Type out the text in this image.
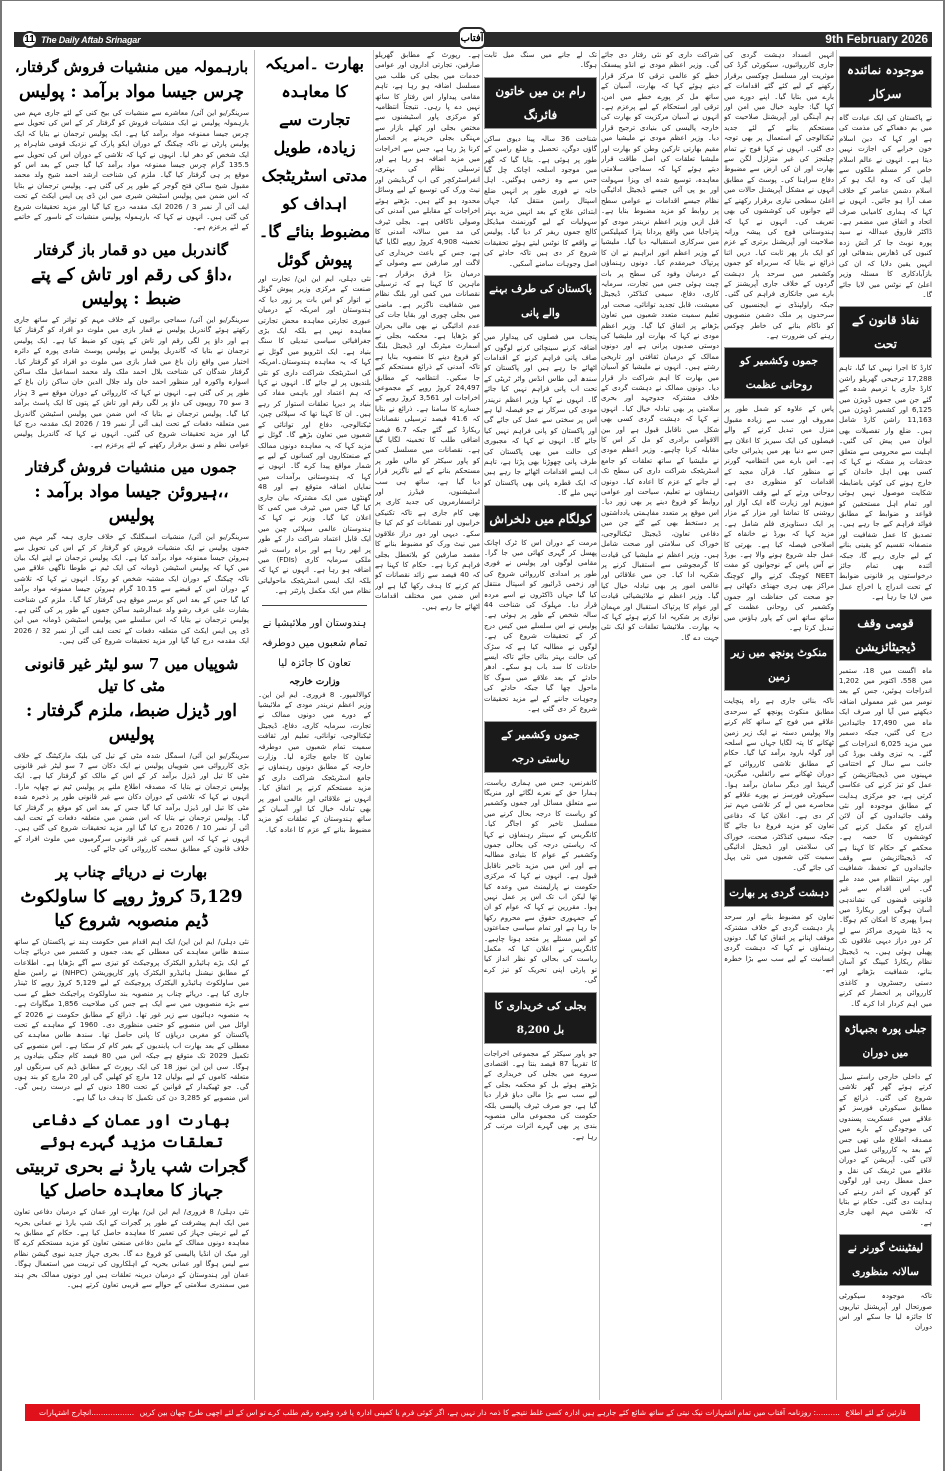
11 The Daily Aftab Srinagar	آفتاب	9th February 2026
موجودہ نمائندہ سرکار

نے پاکستان کی ایک عبادت گاہ میں بم دھماکے کی مذمت کی ہے اور کہا کہ دین اسلام خون خرابے کی اجازت نہیں دیتا ہے۔ انہوں نے عالم اسلام خاص کر مسلم ملکوں سے اپیل کی کہ وہ ایک ہو کر اسلام دشمن عناصر کے خلاف صف آرا ہو جائیں۔ انہوں نے کہا کہ ہماری کامیابی صرف اتحاد و اتفاق میں مضمر ہے۔ ڈاکٹر فاروق عبداللہ نے سید پورہ نوبٹ جا کر آتش زدہ کنبوں کی ڈھارس بندھائی اور انہیں یقین دلایا کہ ان کی بازآبادکاری کا مسئلہ وزیر اعلیٰ کے نوٹس میں لایا جائے گا۔

نفاذ قانون کے تحت

کارڈ کا اجرا نہیں کیا گیا، تاہم 17,288 ترجیحی گھریلو راشن کارڈ جاری یا ترمیم شدہ کیے گئے جن میں جموں ڈویژن میں 6,125 اور کشمیر ڈویژن میں 11,163 راشن کارڈ شامل ہیں۔ ضلع وار تفصیلات بھی ایوان میں پیش کی گئیں۔ اہلیت سے محرومی سے متعلق خدشات پر مشکہ نے کہا کہ کسی بھی اہل خاندان کے خارج ہونے کی کوئی باضابطہ شکایت موصول نہیں ہوئی اور تمام اہل مستحقین کو قواعد و ضوابط کے مطابق فوائد فراہم کیے جا رہے ہیں۔ تصدیق کا عمل شفافیت اور منصفانہ تقسیم کو یقینی بنانے کے لیے جاری رہے گا، جبکہ آئندہ بھی تمام جائز درخواستوں پر قانونی ضوابط کے تحت اندراج یا اخراج عمل میں لایا جا رہا ہے۔

قومی وقف ڈیجیٹائزیشن

ماہ اگست میں 18، ستمبر میں 558، اکتوبر میں 1,202 اندراجات ہوئیں، جس کے بعد نومبر میں غیر معمولی اضافہ دیکھنے میں آیا اور صرف ایک ماہ میں 17,490 جائیدادیں درج کی گئیں، جبکہ دسمبر میں مزید 6,025 اندراجات کیے گئے۔ یہ تیزی وقف بورڈ کی جانب سے سال کے اختتامی مہینوں میں ڈیجیٹائزیشن کے عمل کو تیز کرنے کی عکاسی کرتی ہے، جو مرکزی ہدایت کے مطابق موجودہ اور نئی وقف جائیدادوں کے آن لائن اندراج کو مکمل کرنے کی کوششوں کا حصہ ہے۔ محکمے کے حکام کا کہنا ہے کہ ڈیجیٹائزیشن سے وقف جائیدادوں کے تحفظ، شفافیت اور بہتر انتظام میں مدد ملے گی۔ اس اقدام سے غیر قانونی قبضوں کی نشاندہی آسان ہوگی اور ریکارڈ میں ہیرا پھیری کا امکان کم ہوگا۔ یہ ڈیٹا شہری مراکز سے لے کر دور دراز دیہی علاقوں تک پھیلی ہوئی ہیں۔ یہ ڈیجیٹل نظام ریکارڈ کیپنگ کو آسان بنانے، شفافیت بڑھانے اور دستی رجسٹروں و کاغذی کارروائی پر انحصار کم کرنے میں اہم کردار ادا کرے گا۔

جبلی پورہ بجبہاڑہ میں دوران

کے داخلی خارجی راستے سیل کرتے ہوئے گھر گھر تلاشی شروع کی گئی۔ ذرائع کے مطابق سیکورٹی فورسز کو علاقے میں عسکریت پسندوں کی موجودگی کے بارے میں مصدقہ اطلاع ملی تھی جس کے بعد یہ کارروائی عمل میں لائی گئی۔ آپریشن کے دوران علاقے میں ٹریفک کی نقل و حمل معطل رہی اور لوگوں کو گھروں کے اندر رہنے کی ہدایت دی گئی۔ حکام نے بتایا کہ تلاشی مہم ابھی جاری ہے۔

لیفٹیننٹ گورنر نے سالانہ منظوری

تاکہ موجودہ سیکورٹی صورتحال اور آپریشنل تیاریوں کا جائزہ لیا جا سکے اور اس دوران

انہیں انسداد دہشت گردی کی جاری کارروائیوں، سیکورٹی گرڈ کی موثریت اور مسلسل چوکسی برقرار رکھنے کے لیے کئے گئے اقدامات کے بارے میں بتایا گیا۔ اپنے دورے میں کہا گیا: جاوید خیال میں امن اور ہم آہنگی اور آپریشنل صلاحیت کو مستحکم بنانے کے لئے جدید ٹیکنالوجی کے استعمال پر بھی توجہ دی گئی۔ انہوں نے کہا فوج نے تمام چیلنجز کی غیر متزلزل لگن سے بھارت اور ان کی ارض سے مضبوط دفاع سراہنا کی۔ پوسٹ کے مطابق انہوں نے مشکل آپریشنل حالات میں اعلیٰ سطحی تیاری برقرار رکھنے کے لئے جوانوں کی کوششوں کی بھی تعریف کی۔ انہوں نے کہا کہ ہندوستانی فوج کی پیشہ ورانہ صلاحیت اور آپریشنل برتری کے عزم کو ایک بار پھر ثابت کیا۔ دریں اثنا ذرائع نے بتایا کہ سربراہ کو جموں وکشمیر میں سرحد پار دہشت گردوں کے خلاف جاری آپریشنز کے بارے میں جانکاری فراہم کی گئی۔ جبکہ راولپنڈی نے ایجنسیوں کی سرحدوں پر ملک دشمن منصوبوں کو ناکام بنانے کی خاطر چوکس رہنے کی ضرورت ہے۔

جموں وکشمیر کو روحانی عظمت

پاس کے علاوہ کو شمل طور پر معروف اور سب سے زیادہ مقبول منزل میں تبدیل کرنے کے والے فیصلوں کی ایک سیریز کا اعلان ہے جس سے دنیا بھر میں پذیرائی جاتی ہے۔ اس بارے میں انتظامیہ گورنر نے منظور کیا۔ قرآن مجید کے اقدامات کو منظوری دی ہے۔ روحانی ورثے کے لیے وقف الاقوامی میوزیم اور زیارت گاہ ایک آواز اور روشنی کا تماشا اور مزار کے مزار پر ایک دستاویزی فلم شامل ہے۔ مزید کہا کہ بورڈ نے خانقاہ کے اصلاحی فیصلہ کیا ہے۔ بھرتی کا عمل جلد شروع ہونے والا ہے۔ بورڈ نے آس پاس کے نوجوانوں کو مفت NEET کوچنگ کرنے والے کوچنگ مراکز بھی ہری جھنڈی دکھائی ہے جو صحت کی حفاظت اور جموں وکشمیر کی روحانی عظمت کے ساتھ ساتھ اس کے پاور ہاؤس میں تبدیل کرتا ہے۔

منکوٹ پونچھ میں زیر زمین

ناکہ بنائی جاری ہے راہ پنچایت مطابق منکوٹ پونچھ کے سرحدی علاقے میں فوج کے ساتھ کام کرنے والا پولیس دستہ نے ایک زیر زمین ٹھکانے کا پتہ لگایا جہاں سے اسلحہ اور گولہ بارود برآمد کیا گیا۔ حکام کے مطابق تلاشی کارروائی کے دوران ٹھکانے سے رائفلیں، میگزین، گرینیڈ اور دیگر سامان برآمد ہوا۔ سیکورٹی فورسز نے پورے علاقے کو محاصرے میں لے کر تلاشی مہم تیز کر دی ہے۔ اعلان کیا کہ دفاعی تعاون کو مزید فروغ دیا جائے گا جبکہ سیمی کنڈکٹر، صحت، خوراک کی سلامتی اور ڈیجیٹل ادائیگی سمیت کئی شعبوں میں نئی پہل کی جائے گی۔

دہشت گردی پر بھارت

تعاون کو مضبوط بنانے اور سرحد پار دہشت گردی کے خلاف مشترکہ موقف اپنانے پر اتفاق کیا گیا۔ دونوں رہنماؤں نے کہا کہ دہشت گردی انسانیت کے لیے سب سے بڑا خطرہ ہے۔

شراکت داری کو نئی رفتار دی جائے گی۔ وزیر اعظم مودی نے انڈو پیسفک خطے کو عالمی ترقی کا مرکز قرار دیتے ہوئے کہا کہ بھارت، آسیان کے ساتھ مل کر پورے خطے میں امن، ترقی اور استحکام کے لیے پرعزم ہے۔ انہوں نے آسیان مرکزیت کو بھارت کی خارجہ پالیسی کی بنیادی ترجیح قرار دیا۔ وزیر اعظم مودی نے ملیشیا میں مقیم بھارتی تارکین وطن کو بھارت اور ملیشیا تعلقات کی اصل طاقت قرار دیتے ہوئے کہا کہ سماجی سلامتی معاہدہ، توسیع شدہ ای ویزا سہولت اور یو پی آئی جیسے ڈیجیٹل ادائیگی نظام جیسے اقدامات نے عوامی سطح پر روابط کو مزید مضبوط بنایا ہے۔ قبل ازیں وزیر اعظم نریندر مودی کو پتراجایا میں واقع پردانا پترا کمپلیکس میں سرکاری استقبالیہ دیا گیا۔ ملیشیا کے وزیر اعظم انور ابراہیم نے ان کا پرتپاک خیرمقدم کیا۔ دونوں رہنماؤں کے درمیان وفود کی سطح پر بات چیت ہوئی جس میں تجارت، سرمایہ کاری، دفاع، سیمی کنڈکٹر، ڈیجیٹل معیشت، قابل تجدید توانائی، صحت اور تعلیم سمیت متعدد شعبوں میں تعاون بڑھانے پر اتفاق کیا گیا۔ وزیر اعظم مودی نے کہا کہ بھارت اور ملیشیا کی دوستی صدیوں پرانی ہے اور دونوں ممالک کے درمیان ثقافتی اور تاریخی رشتے ہیں۔ انہوں نے ملیشیا کو آسیان میں بھارت کا اہم شراکت دار قرار دیا۔ دونوں ممالک نے دہشت گردی کے خلاف مشترکہ جدوجہد اور بحری سلامتی پر بھی تبادلہ خیال کیا۔ انہوں نے کہا کہ دہشت گردی کسی بھی شکل میں ناقابل قبول ہے اور بین الاقوامی برادری کو مل کر اس کا مقابلہ کرنا چاہیے۔ وزیر اعظم مودی نے ملیشیا کے ساتھ تعلقات کو جامع اسٹریٹجک شراکت داری کی سطح تک لے جانے کے عزم کا اعادہ کیا۔ دونوں رہنماؤں نے تعلیم، سیاحت اور عوامی روابط کو فروغ دینے پر بھی زور دیا۔ اس موقع پر متعدد مفاہمتی یادداشتوں پر دستخط بھی کیے گئے جن میں دفاعی تعاون، ڈیجیٹل ٹیکنالوجی، خوراک کی سلامتی اور صحت شامل ہیں۔ وزیر اعظم نے ملیشیا کی قیادت کا گرمجوشی سے استقبال کرنے پر شکریہ ادا کیا۔ جن میں علاقائی اور عالمی امور پر بھی تبادلہ خیال کیا گیا۔ وزیر اعظم نے ملائیشیائی قیادت اور عوام کا پرتپاک استقبال اور مہمان نوازی پر شکریہ ادا کرتے ہوئے کہا کہ یہ بھارت۔ ملائیشیا تعلقات کو ایک نئی جہت دے گا۔

تک لے جانے میں سنگ میل ثابت ہوگا۔

رام بن میں خاتون فائرنگ

شناخت 36 سالہ پینا دیوی ساکن گاؤں دوگن، تحصیل و ضلع رامبن کے طور پر ہوئی ہے۔ بتایا گیا کہ گھر میں موجود اسلحہ اچانک چل گیا جس سے وہ زخمی ہوگئیں۔ اہل خانہ نے فوری طور پر انہیں ضلع اسپتال رامبن منتقل کیا، جہاں ابتدائی علاج کے بعد انہیں مزید بہتر سہولیات کے لیے گورنمنٹ میڈیکل کالج جموں ریفر کر دیا گیا۔ پولیس نے واقعے کا نوٹس لیتے ہوئے تحقیقات شروع کر دی ہیں تاکہ حادثے کی اصل وجوہات سامنے آسکیں۔

پاکستان کی طرف بہنے والے پانی

پنجاب میں فصلوں کی پیداوار میں اضافہ کرنے سینچائی کرنے لوگوں کو صاف پانی فراہم کرنے کے اقدامات اٹھائے جا رہے ہیں اور پاکستان کو سندھ آبی طاس انڈس واٹر ٹریٹی کے تحت اب پانی فراہم نہیں کیا جائے گا۔ انہوں نے کہا وزیر اعظم نریندر مودی کی سرکار نے جو فیصلہ لیا ہے اس پر سختی سے عمل کی جائے گی اور پاکستان کو پانی فراہم نہیں کیا جائے گا۔ انہوں نے کہا کہ مجبوری کی حالت میں بھی پاکستان کی طرف پانی چھوڑنا بھی پڑتا ہے، تاہم اب ایسے اقدامات اٹھائے جا رہے ہیں کہ ایک قطرہ پانی بھی پاکستان کو نہیں ملے گا۔

کولگام میں دلخراش

مرمت کے دوران اس کا ٹرک اچانک پھسل کر گہری کھائی میں جا گرا۔ مقامی لوگوں اور پولیس نے فوری طور پر امدادی کارروائی شروع کی اور زخمی ڈرائیور کو اسپتال منتقل کیا گیا جہاں ڈاکٹروں نے اسے مردہ قرار دیا۔ مہلوک کی شناخت 44 سالہ شخص کے طور پر ہوئی ہے۔ پولیس نے اس سلسلے میں کیس درج کر کے تحقیقات شروع کی ہے۔ لوگوں نے مطالبہ کیا ہے کہ سڑک کی حالت بہتر بنائی جائے تاکہ ایسے حادثات کا سد باب ہو سکے۔ ادھر حادثے کے بعد علاقے میں سوگ کا ماحول چھا گیا جبکہ حادثے کی وجوہات جاننے کے لیے مزید تحقیقات شروع کر دی گئی ہے۔

جموں وکشمیر کے ریاستی درجہ

کانفرنس، جس میں ہماری ریاست، ہمارا حق کے نعرے لگائے اور منریگا سے متعلق مسائل اور جموں وکشمیر کو ریاست کا درجہ بحال کرنے میں مسلسل تاخیر کو اجاگر کیا۔ کانگریس کے سینئر رہنماؤں نے کہا کہ ریاستی درجہ کی بحالی جموں وکشمیر کے عوام کا بنیادی مطالبہ ہے اور اس میں مزید تاخیر ناقابل قبول ہے۔ انہوں نے کہا کہ مرکزی حکومت نے پارلیمنٹ میں وعدہ کیا تھا لیکن اب تک اس پر عمل نہیں ہوا۔ مقررین نے کہا کہ عوام کو ان کے جمہوری حقوق سے محروم رکھا جا رہا ہے اور تمام سیاسی جماعتوں کو اس مسئلے پر متحد ہونا چاہیے۔ کانگریس نے اعلان کیا کہ مکمل ریاست کی بحالی کو نظر انداز کیا تو پارٹی اپنی تحریک کو تیز کرے گی۔

بجلی کی خریداری کا بل 8,200

جو پاور سیکٹر کے مجموعی اخراجات کا تقریباً 87 فیصد بنتا ہے۔ اقتصادی سروے میں بجلی کی خریداری کے بڑھتے ہوئے بل کو محکمہ بجلی کے لیے سب سے بڑا مالی دباؤ قرار دیا گیا ہے، جو صرف ٹیرف پالیسی بلکہ حکومت کی مجموعی مالی منصوبہ بندی پر بھی گہرے اثرات مرتب کر رہا ہے۔

ہے۔ رپورٹ کے مطابق گھریلو صارفین، تجارتی اداروں اور عوامی خدمات میں بجلی کی طلب میں مسلسل اضافہ ہو رہا ہے، تاہم مقامی پیداوار اس رفتار کا ساتھ نہیں دے پا رہی۔ نتیجتاً انتظامیہ کو مرکزی پاور اسٹیشنوں سے مختص بجلی اور کھلے بازار سے مہنگی بجلی خریدنے پر انحصار کرنا پڑ رہا ہے، جس سے اخراجات میں مزید اضافہ ہو رہا ہے اور ترسیلی نظام کی بہتری، انفراسٹرکچر کی اپ گریڈیشن اور نیٹ ورک کی توسیع کے لیے وسائل محدود ہو گئے ہیں۔ بڑھتے ہوئے اخراجات کے مقابلے میں آمدنی کی وصولی ناکافی ہے۔ بجلی ٹیرف کی مد میں سالانہ آمدنی کا تخمینہ 4,908 کروڑ روپے لگایا گیا ہے، جس کے باعث خریداری کی لاگت اور صارفین سے وصولی کے درمیان بڑا فرق برقرار ہے۔ ماہرین کا کہنا ہے کہ ترسیلی نقصانات میں کمی اور بلنگ نظام میں شفافیت ناگزیر ہے۔ ماضی میں بجلی چوری اور بقایا جات کی عدم ادائیگی نے بھی مالی بحران کو بڑھایا ہے۔ محکمہ بجلی نے اسمارٹ میٹرنگ اور ڈیجیٹل بلنگ کو فروغ دینے کا منصوبہ بنایا ہے تاکہ آمدنی کے ذرائع مستحکم کیے جا سکیں۔ انتظامیہ کے مطابق 24,497 کروڑ روپے کے مجموعی اخراجات اور 3,561 کروڑ روپے کے خسارے کا سامنا ہے۔ ذرائع نے بتایا کہ 41.6 فیصد ترسیلی نقصانات ریکارڈ کیے گئے جبکہ 6.7 فیصد اضافی طلب کا تخمینہ لگایا گیا ہے۔ نقصانات میں مسلسل کمی کو پاور سیکٹر کو مالی طور پر مستحکم بنانے کے لیے ناگزیر قرار دیا گیا ہے، ساتھ ہی سب اسٹیشنوں، فیڈرز اور ٹرانسفارمروں کی جدید کاری پر بھی کام جاری ہے تاکہ تکنیکی خرابیوں اور نقصانات کو کم کیا جا سکے۔ دیہی اور دور دراز علاقوں میں نیٹ ورک کو مضبوط بنانے کا مقصد صارفین کو بلاتعطل بجلی فراہم کرنا ہے۔ حکام کا کہنا ہے کہ 40 فیصد سے زائد نقصانات کو کم کرنے کا ہدف رکھا گیا ہے اور اس ضمن میں مختلف اقدامات اٹھائے جا رہے ہیں۔

بھارت ۔امریکہ کا معاہدہ تجارت سے زیادہ، طویل مدتی اسٹریٹجک اہداف کو مضبوط بنائے گا۔ پیوش گوئل

نئی دہلی، ایم این این/ تجارت اور صنعت کے مرکزی وزیر پیوش گوئل نے اتوار کو اس بات پر زور دیا کہ ہندوستان اور امریکہ کے درمیان عبوری تجارتی معاہدہ محض تجارتی معاہدہ نہیں ہے بلکہ ایک بڑی جغرافیائی سیاسی تبدیلی کا سنگ بنیاد ہے۔ ایک انٹرویو میں گوئل نے کہا کہ یہ معاہدہ ہندوستان۔امریکہ کی اسٹریٹجک شراکت داری کو نئی بلندیوں پر لے جائے گا۔ انہوں نے کہا کہ ہم اعتماد اور باہمی مفاد کی بنیاد پر دیرپا تعلقات استوار کر رہے ہیں۔ ان کا کہنا تھا کہ سپلائی چین، ٹیکنالوجی، دفاع اور توانائی کے شعبوں میں تعاون بڑھے گا۔ گوئل نے مزید کہا کہ یہ معاہدہ دونوں ممالک کے صنعتکاروں اور کسانوں کے لیے بے شمار مواقع پیدا کرے گا۔ انہوں نے کہا کہ ہندوستانی برآمدات میں نمایاں اضافہ متوقع ہے اور 48 گھنٹوں میں ایک مشترکہ بیان جاری کیا گیا جس میں ٹیرف میں کمی کا اعلان کیا گیا۔ وزیر نے کہا کہ ہندوستان عالمی سپلائی چین میں ایک قابل اعتماد شراکت دار کے طور پر ابھر رہا ہے اور براہ راست غیر ملکی سرمایہ کاری (FDIs) میں اضافہ ہو رہا ہے۔ انہوں نے کہا کہ بلکہ ایک ایسی اسٹریٹجک ماحولیاتی نظام میں ایک مکمل پارٹنر ہے۔

ہندوستان اور ملائیشیا نے تمام شعبوں میں دوطرفہ تعاون کا جائزہ لیا
وزارت خارجہ

کوالالمپور۔ 8 فروری۔ ایم این این۔ وزیر اعظم نریندر مودی کے ملائیشیا کے دورے میں دونوں ممالک نے تجارت، سرمایہ کاری، دفاع، ڈیجیٹل ٹیکنالوجی، توانائی، تعلیم اور ثقافت سمیت تمام شعبوں میں دوطرفہ تعاون کا جامع جائزہ لیا۔ وزارت خارجہ کے مطابق دونوں رہنماؤں نے جامع اسٹریٹجک شراکت داری کو مزید مستحکم کرنے پر اتفاق کیا۔ انہوں نے علاقائی اور عالمی امور پر بھی تبادلہ خیال کیا اور آسیان کے ساتھ ہندوستان کے تعلقات کو مزید مضبوط بنانے کے عزم کا اعادہ کیا۔

بارہمولہ میں منشیات فروش گرفتار،
چرس جیسا مواد برآمد : پولیس

سرینگر/یو این آئی/ معاشرے سے منشیات کی بیخ کنی کے لئے جاری مہم میں بارہمولہ پولیس نے ایک منشیات فروش کو گرفتار کر کے اس کی تحویل سے چرس جیسا ممنوعہ مواد برآمد کیا ہے۔ ایک پولیس ترجمان نے بتایا کہ ایک پولیس پارٹی نے ناکہ چیکنگ کے دوران ایکو پارک کے نزدیک قومی شاہراہ پر ایک شخص کو دھر لیا۔ انہوں نے کہا کہ تلاشی کے دوران اس کی تحویل سے 135.5 گرام چرس جیسا ممنوعہ مواد برآمد کیا گیا جس کے بعد اس کو موقع پر ہی گرفتار کیا گیا۔ ملزم کی شناخت ارشد احمد شیخ ولد محمد مقبول شیخ ساکن فتح گوجر کے طور پر کی گئی ہے۔ پولیس ترجمان نے بتایا کہ اس ضمن میں پولیس اسٹیشن شیری میں این ڈی پی ایس ایکٹ کے تحت ایف آئی آر نمبر 3 / 2026 ایک مقدمہ درج کیا گیا اور مزید تحقیقات شروع کی گئی ہیں۔ انہوں نے کہا کہ بارہمولہ پولیس منشیات کے ناسور کے خاتمے کے لئے پرعزم ہے۔

گاندربل میں دو قمار باز گرفتار
،داؤ کی رقم اور تاش کے پتے ضبط : پولیس

سرینگر/یو این آئی/ سماجی برائیوں کے خلاف مہم کو تواتر کے ساتھ جاری رکھتے ہوئے گاندربل پولیس نے قمار بازی میں ملوث دو افراد کو گرفتار کیا ہے اور داؤ پر لگی رقم اور تاش کے پتوں کو ضبط کیا ہے۔ ایک پولیس ترجمان نے بتایا کہ گاندربل پولیس نے پولیس پوسٹ شادی پورہ کے دائرہ اختیار میں واقع زان باغ میں قمار بازی میں ملوث دو افراد کو گرفتار کیا۔ گرفتار شدگان کی شناخت بلال احمد ملک ولد محمد اسماعیل ملک ساکن اسوارہ واکورہ اور منظور احمد خان ولد جلال الدین خان ساکن زان باغ کے طور پر کی گئی ہے۔ انہوں نے کہا کہ کارروائی کے دوران موقع سے 3 ہزار 3 سو 70 روپیوں کی داؤ پر لگی رقم اور تاش کے پتوں کا ایک پاسٹ برآمد کیا گیا۔ پولیس ترجمان نے بتایا کہ اس ضمن میں پولیس اسٹیشن گاندربل میں متعلقہ دفعات کے تحت ایف آئی آر نمبر 19 / 2026 ایک مقدمہ درج کیا گیا اور مزید تحقیقات شروع کی گئیں۔ انہوں نے کہا کہ گاندربل پولیس عوامی نظم و نسق برقرار رکھنے کے لئے پرعزم ہے۔

جموں میں منشیات فروش گرفتار
،،ہیروئن جیسا مواد برآمد : پولیس

سرینگر/یو این آئی/ منشیات اسمگلنگ کے خلاف جاری ہمہ گیر مہم میں جموں پولیس نے ایک منشیات فروش کو گرفتار کر کے اس کی تحویل سے ہیروئن جیسا ممنوعہ مواد برآمد کیا ہے۔ ایک پولیس ترجمان نے اپنے ایک بیان میں کہا کہ پولیس اسٹیشن ڈومانہ کی ایک ٹیم نے طوطا ناگھی علاقے میں ناکہ چیکنگ کے دوران ایک مشتبہ شخص کو روکا۔ انہوں نے کہا کہ تلاشی کے دوران اس کے قبضے سے 10.15 گرام ہیروئن جیسا ممنوعہ مواد برآمد کیا گیا جس کے بعد اس کو برسر موقع ہی گرفتار کیا گیا۔ ملزم کی شناخت بشارت علی عرف رشو ولد عبدالرشید ساکن جموں کے طور پر کی گئی ہے۔ پولیس ترجمان نے بتایا کہ اس سلسلے میں پولیس اسٹیشن ڈومانہ میں این ڈی پی ایس ایکٹ کی متعلقہ دفعات کے تحت ایف آئی آر نمبر 32 / 2026 ایک مقدمہ درج کیا گیا اور مزید تحقیقات شروع کی گئی ہیں۔

شوپیاں میں 7 سو لیٹر غیر قانونی مٹی کا تیل
اور ڈیزل ضبط، ملزم گرفتار : پولیس

سرینگر/یو این آئی/ اسمگل شدہ مٹی کے تیل کی بلیک مارکیٹنگ کے خلاف بڑی کارروائی میں شوپیاں پولیس نے ایک دکان سے 7 سو لیٹر غیر قانونی مٹی کا تیل اور ڈیزل برآمد کر کے اس کے مالک کو گرفتار کیا ہے۔ ایک پولیس ترجمان نے بتایا کہ مصدقہ اطلاع ملنے پر پولیس ٹیم نے چھاپہ مارا۔ انہوں نے کہا کہ تلاشی کے دوران دکان سے غیر قانونی طور پر ذخیرہ شدہ مٹی کا تیل اور ڈیزل برآمد کیا گیا جس کے بعد اس کو موقع پر گرفتار کیا گیا۔ پولیس ترجمان نے بتایا کہ اس ضمن میں متعلقہ دفعات کے تحت ایف آئی آر نمبر 10 / 2026 درج کیا گیا اور مزید تحقیقات شروع کی گئی ہیں۔ انہوں نے کہا کہ اس قسم کی غیر قانونی سرگرمیوں میں ملوث افراد کے خلاف قانون کے مطابق سخت کارروائی کی جائے گی۔

بھارت نے دریائے چناب پر
5,129 کروڑ روپے کا ساولکوٹ ڈیم منصوبہ شروع کیا

نئی دہلی/ ایم این این/ ایک اہم اقدام میں حکومت ہند نے پاکستان کے ساتھ سندھ طاس معاہدے کی معطلی کے بعد، جموں و کشمیر میں دریائے چناب کے ایک بڑے ہائیڈرو الیکٹرک پروجیکٹ کو تیزی سے آگے بڑھایا ہے۔ اطلاعات کے مطابق نیشنل ہائیڈرو الیکٹرک پاور کارپوریشن (NHPC) نے رامبن ضلع میں ساولکوٹ ہائیڈرو الیکٹرک پروجیکٹ کے لیے 5,129 کروڑ روپے کا ٹینڈر جاری کیا ہے۔ دریائے چناب پر منصوبہ بند ساولکوٹ پراجیکٹ خطے کے سب سے بڑے منصوبوں میں سے ایک ہے جس کی صلاحیت 1,856 میگاواٹ ہے۔ یہ منصوبہ دہائیوں سے زیر غور تھا۔ ذرائع کے مطابق حکومت نے 2026 کے اوائل میں اس منصوبے کو حتمی منظوری دی۔ 1960 کے معاہدے کے تحت پاکستان کو مغربی دریاؤں کا پانی حاصل تھا۔ سندھ طاس معاہدے کی معطلی کے بعد بھارت اب پابندیوں کے بغیر کام کر سکتا ہے۔ اس منصوبے کی تکمیل 2029 تک متوقع ہے جبکہ اس میں 80 فیصد کام جنگی بنیادوں پر ہوگا۔ سی این این نیوز 18 کی ایک رپورٹ کے مطابق ڈیم کی سرنگوں اور متعلقہ کاموں کے لیے بولیاں 12 مارچ کو کھلیں گی اور 20 مارچ کو بند ہوں گی۔ جو ٹھیکیدار کے قوانین کے تحت 180 دنوں کے لیے درست رہیں گی۔ اس منصوبے کو 3,285 دن کی تکمیل کا ہدف دیا گیا ہے۔

بھارت اور عمان کے دفاعی تعلقات مزید گہرے ہوئے
گجرات شپ یارڈ نے بحری تربیتی جہاز کا معاہدہ حاصل کیا

نئی دہلی/ 8 فروری/ ایم این این/ بھارت اور عمان کے درمیان دفاعی تعاون میں ایک اہم پیشرفت کے طور پر گجرات کے ایک شپ یارڈ نے عمانی بحریہ کے لیے تربیتی جہاز کی تعمیر کا معاہدہ حاصل کیا ہے۔ حکام کے مطابق یہ معاہدہ دونوں ممالک کے مابین دفاعی صنعتی تعاون کو مزید مستحکم کرے گا اور میک ان انڈیا پالیسی کو فروغ دے گا۔ بحری جہاز جدید نیوی گیشن نظام سے لیس ہوگا اور عمانی بحریہ کے اہلکاروں کی تربیت میں استعمال ہوگا۔ عمان اور ہندوستان کے درمیان دیرینہ تعلقات ہیں اور دونوں ممالک بحرِ ہند میں سمندری سلامتی کے حوالے سے قریبی تعاون کرتے ہیں۔

قارئین کے لئے اطلاع
..........: روزنامہ آفتاب میں تمام اشتہارات نیک نیتی کے ساتھ شائع کئے جارہے ہیں ادارہ کسی غلط نتیجے کا ذمہ دار نہیں ہے، اگر کوئی فرم یا کمپنی ادارہ یا فرد وغیرہ رقم طلب کرے تو اس کے لئے اچھی طرح چھان بین کریں
..................انچارج اشتہارات
